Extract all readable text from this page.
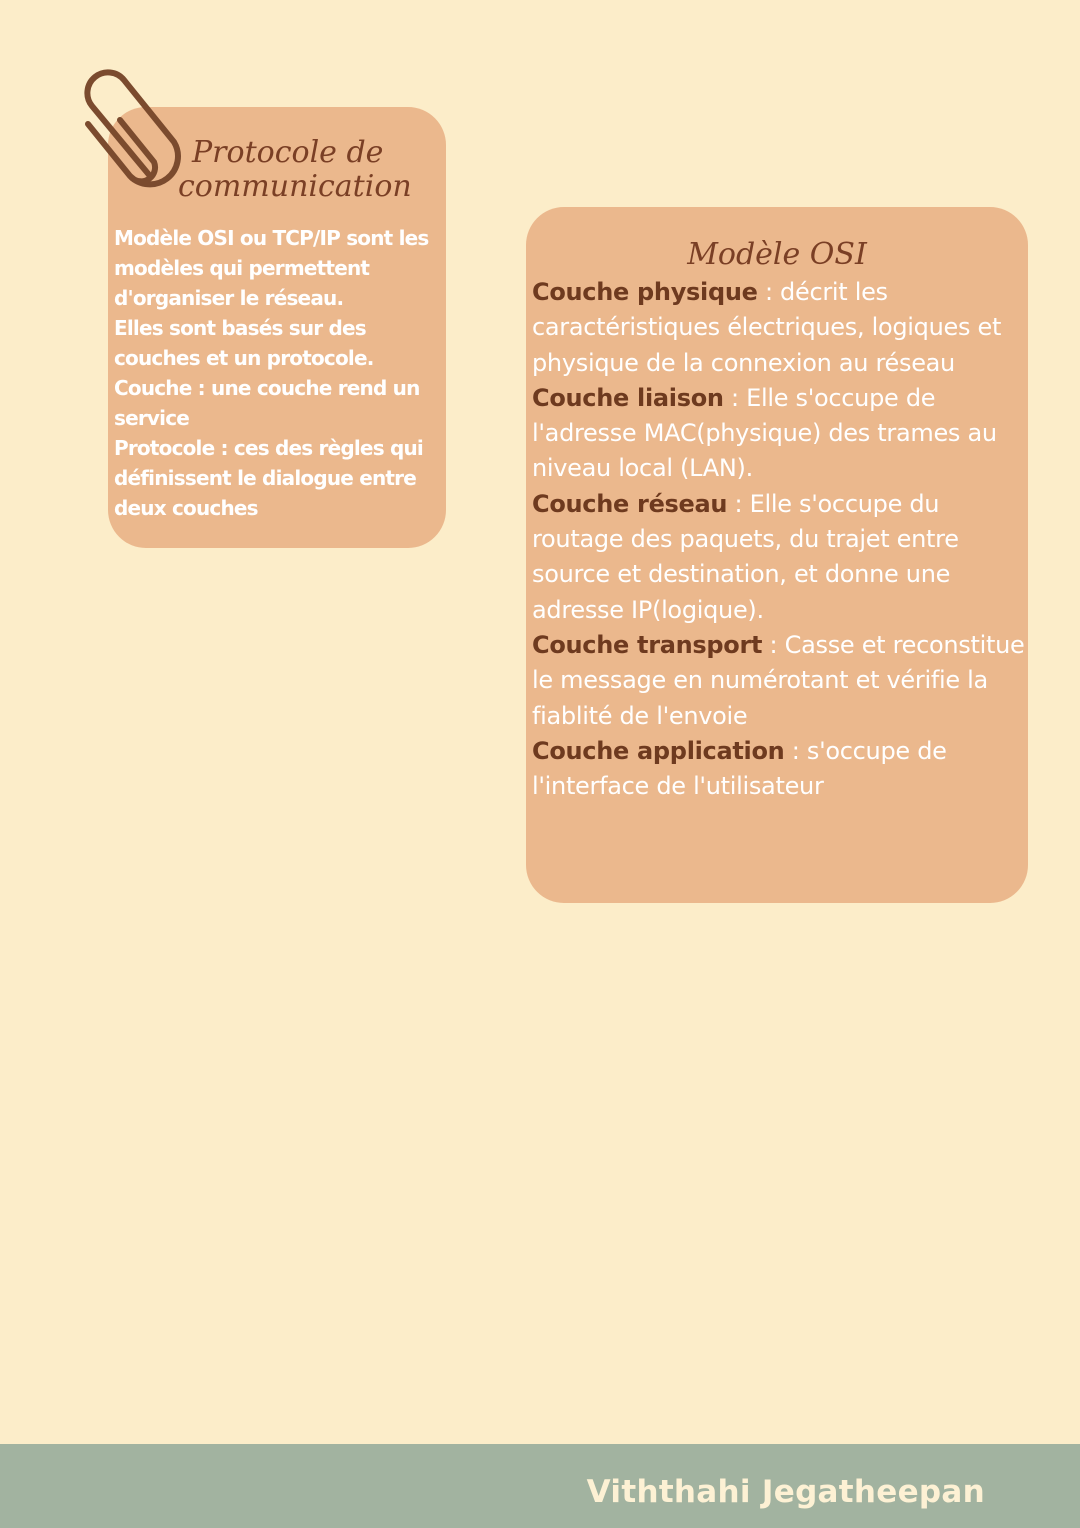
Protocole de
communication

Modèle OSI ou TCP/IP sont les

modèles qui permettent

d'organiser le réseau.

Elles sont basés sur des

couches et un protocole.

Couche : une couche rend un

service

Protocole : ces des règles qui

définissent le dialogue entre

deux couches

Modèle OSI

Couche physique : décrit les caractéristiques électriques, logiques et physique de la connexion au réseau

Couche liaison : Elle s'occupe de l'adresse MAC(physique) des trames au niveau local (LAN).

Couche réseau : Elle s'occupe du routage des paquets, du trajet entre source et destination, et donne une adresse IP(logique).

Couche transport : Casse et reconstitue le message en numérotant et vérifie la fiablité de l'envoie

Couche application : s'occupe de l'interface de l'utilisateur

Viththahi Jegatheepan
